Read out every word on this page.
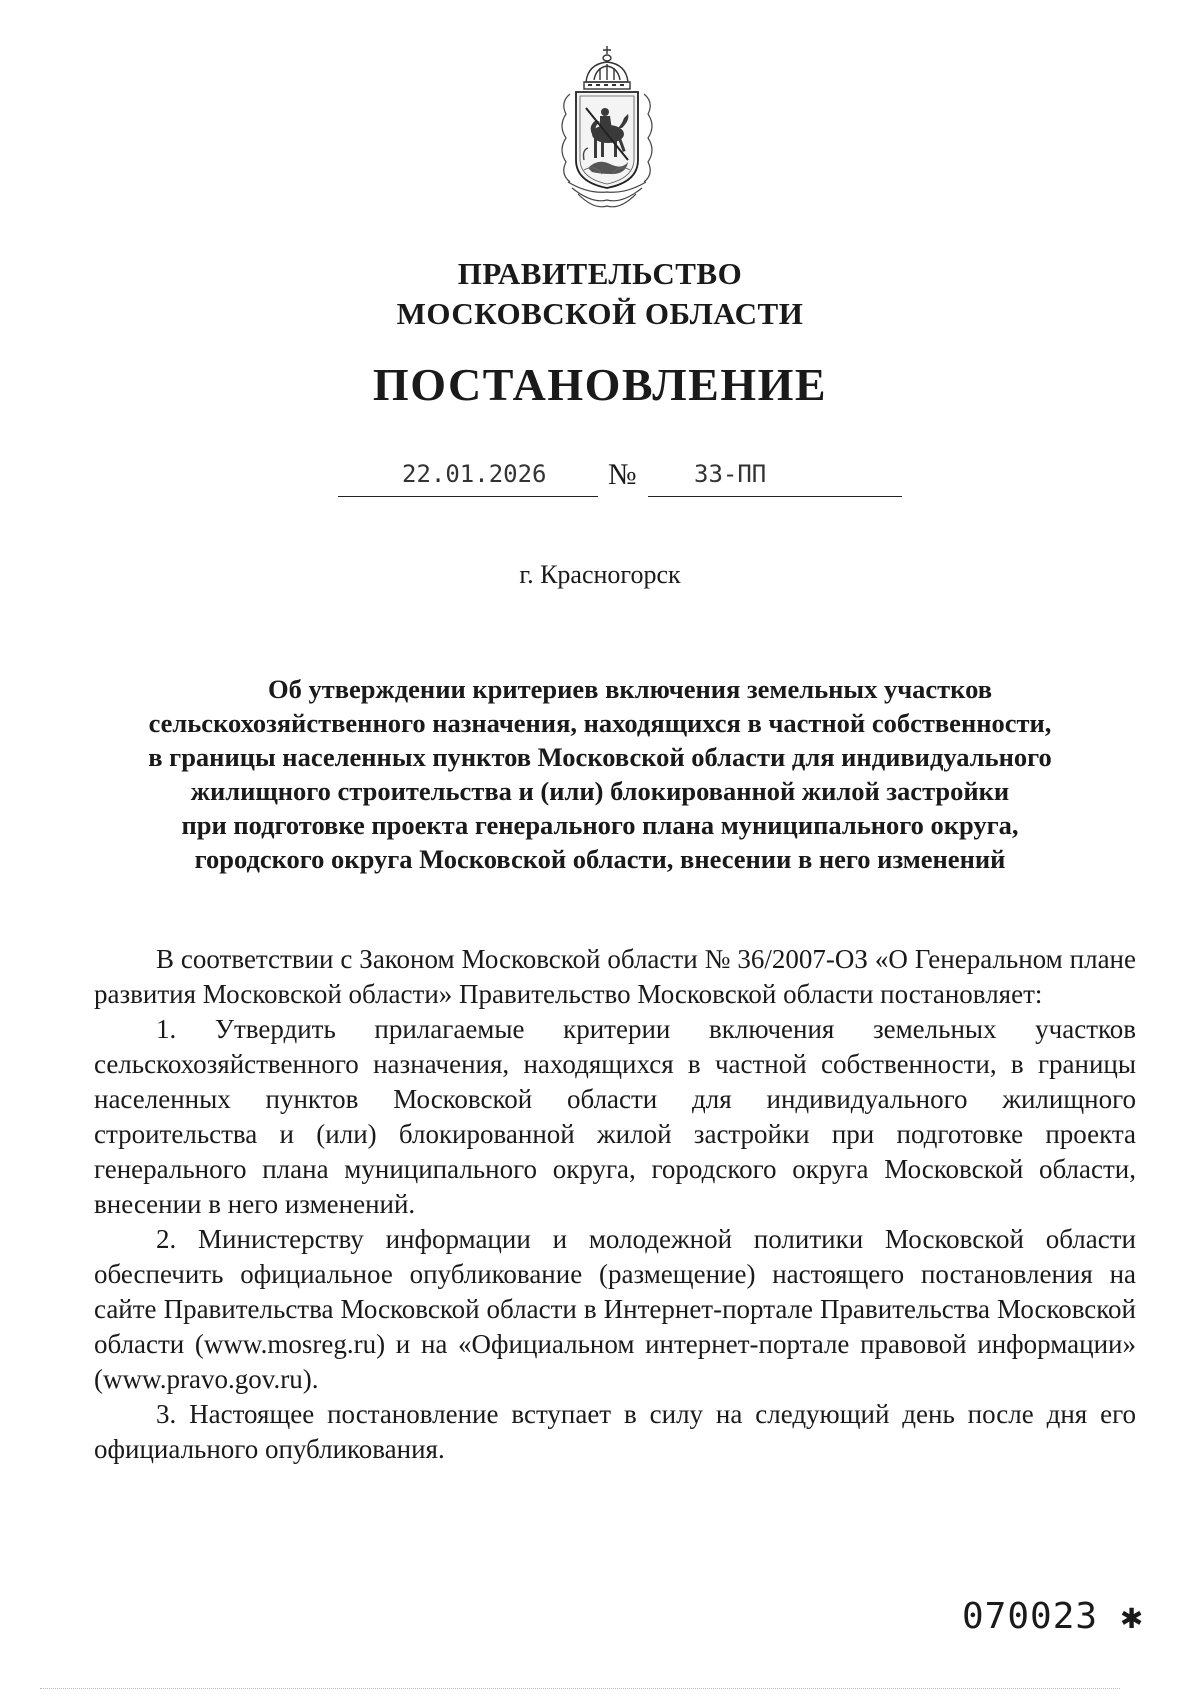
ПРАВИТЕЛЬСТВО
МОСКОВСКОЙ ОБЛАСТИ
ПОСТАНОВЛЕНИЕ
22.01.2026 № 33-ПП
г. Красногорск
Об утверждении критериев включения земельных участков
сельскохозяйственного назначения, находящихся в частной собственности,
в границы населенных пунктов Московской области для индивидуального
жилищного строительства и (или) блокированной жилой застройки
при подготовке проекта генерального плана муниципального округа,
городского округа Московской области, внесении в него изменений

В соответствии с Законом Московской области № 36/2007-ОЗ «О Генеральном плане развития Московской области» Правительство Московской области постановляет:

1. Утвердить прилагаемые критерии включения земельных участков сельскохозяйственного назначения, находящихся в частной собственности, в границы населенных пунктов Московской области для индивидуального жилищного строительства и (или) блокированной жилой застройки при подготовке проекта генерального плана муниципального округа, городского округа Московской области, внесении в него изменений.

2. Министерству информации и молодежной политики Московской области обеспечить официальное опубликование (размещение) настоящего постановления на сайте Правительства Московской области в Интернет-портале Правительства Московской области (www.mosreg.ru) и на «Официальном интернет-портале правовой информации» (www.pravo.gov.ru).

3. Настоящее постановление вступает в силу на следующий день после дня его официального опубликования.

070023 ✱
